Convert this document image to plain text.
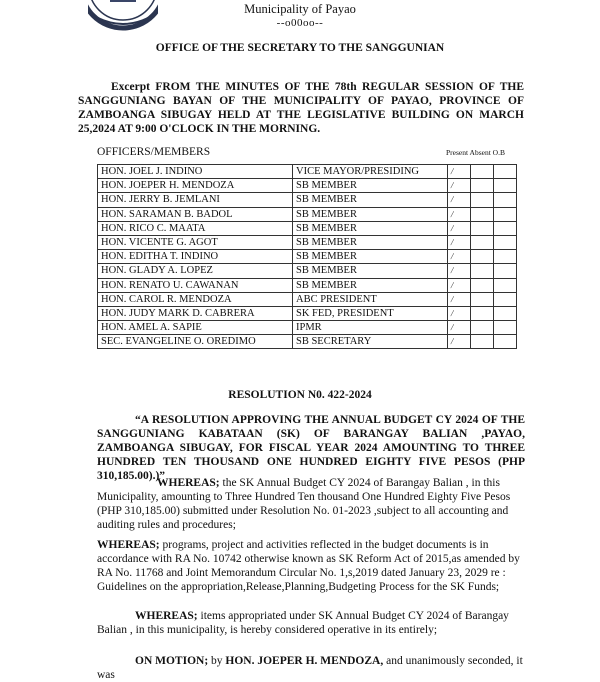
Municipality of Payao
--o00oo--
OFFICE OF THE SECRETARY TO THE SANGGUNIAN
Excerpt FROM THE MINUTES OF THE 78th REGULAR SESSION OF THE SANGGUNIANG BAYAN OF THE MUNICIPALITY OF PAYAO, PROVINCE OF ZAMBOANGA SIBUGAY HELD AT THE LEGISLATIVE BUILDING ON MARCH 25,2024 AT 9:00 O'CLOCK IN THE MORNING.
OFFICERS/MEMBERS	Present Absent O.B
HON. JOEL J. INDINO	VICE MAYOR/PRESIDING	/		
HON. JOEPER H. MENDOZA	SB MEMBER	/		
HON. JERRY B. JEMLANI	SB MEMBER	/		
HON. SARAMAN B. BADOL	SB MEMBER	/		
HON. RICO C. MAATA	SB MEMBER	/		
HON. VICENTE G. AGOT	SB MEMBER	/		
HON. EDITHA T. INDINO	SB MEMBER	/		
HON. GLADY A. LOPEZ	SB MEMBER	/		
HON. RENATO U. CAWANAN	SB MEMBER	/		
HON. CAROL R. MENDOZA	ABC PRESIDENT	/		
HON. JUDY MARK D. CABRERA	SK FED, PRESIDENT	/		
HON. AMEL A. SAPIE	IPMR	/		
SEC. EVANGELINE O. OREDIMO	SB SECRETARY	/		
RESOLUTION N0. 422-2024
“A RESOLUTION APPROVING THE ANNUAL BUDGET CY 2024 OF THE SANGGUNIANG KABATAAN (SK) OF BARANGAY BALIAN ,PAYAO, ZAMBOANGA SIBUGAY, FOR FISCAL YEAR 2024 AMOUNTING TO THREE HUNDRED TEN THOUSAND ONE HUNDRED EIGHTY FIVE PESOS (PHP 310,185.00).)”
WHEREAS; the SK Annual Budget CY 2024 of Barangay Balian , in this Municipality, amounting to Three Hundred Ten thousand One Hundred Eighty Five Pesos (PHP 310,185.00) submitted under Resolution No. 01-2023 ,subject to all accounting and auditing rules and procedures;
WHEREAS; programs, project and activities reflected in the budget documents is in accordance with RA No. 10742 otherwise known as SK Reform Act of 2015,as amended by RA No. 11768 and Joint Memorandum Circular No. 1,s,2019 dated January 23, 2029 re : Guidelines on the appropriation,Release,Planning,Budgeting Process for the SK Funds;
WHEREAS; items appropriated under SK Annual Budget CY 2024 of Barangay Balian , in this municipality, is hereby considered operative in its entirely;
ON MOTION; by HON. JOEPER H. MENDOZA, and unanimously seconded, it was
